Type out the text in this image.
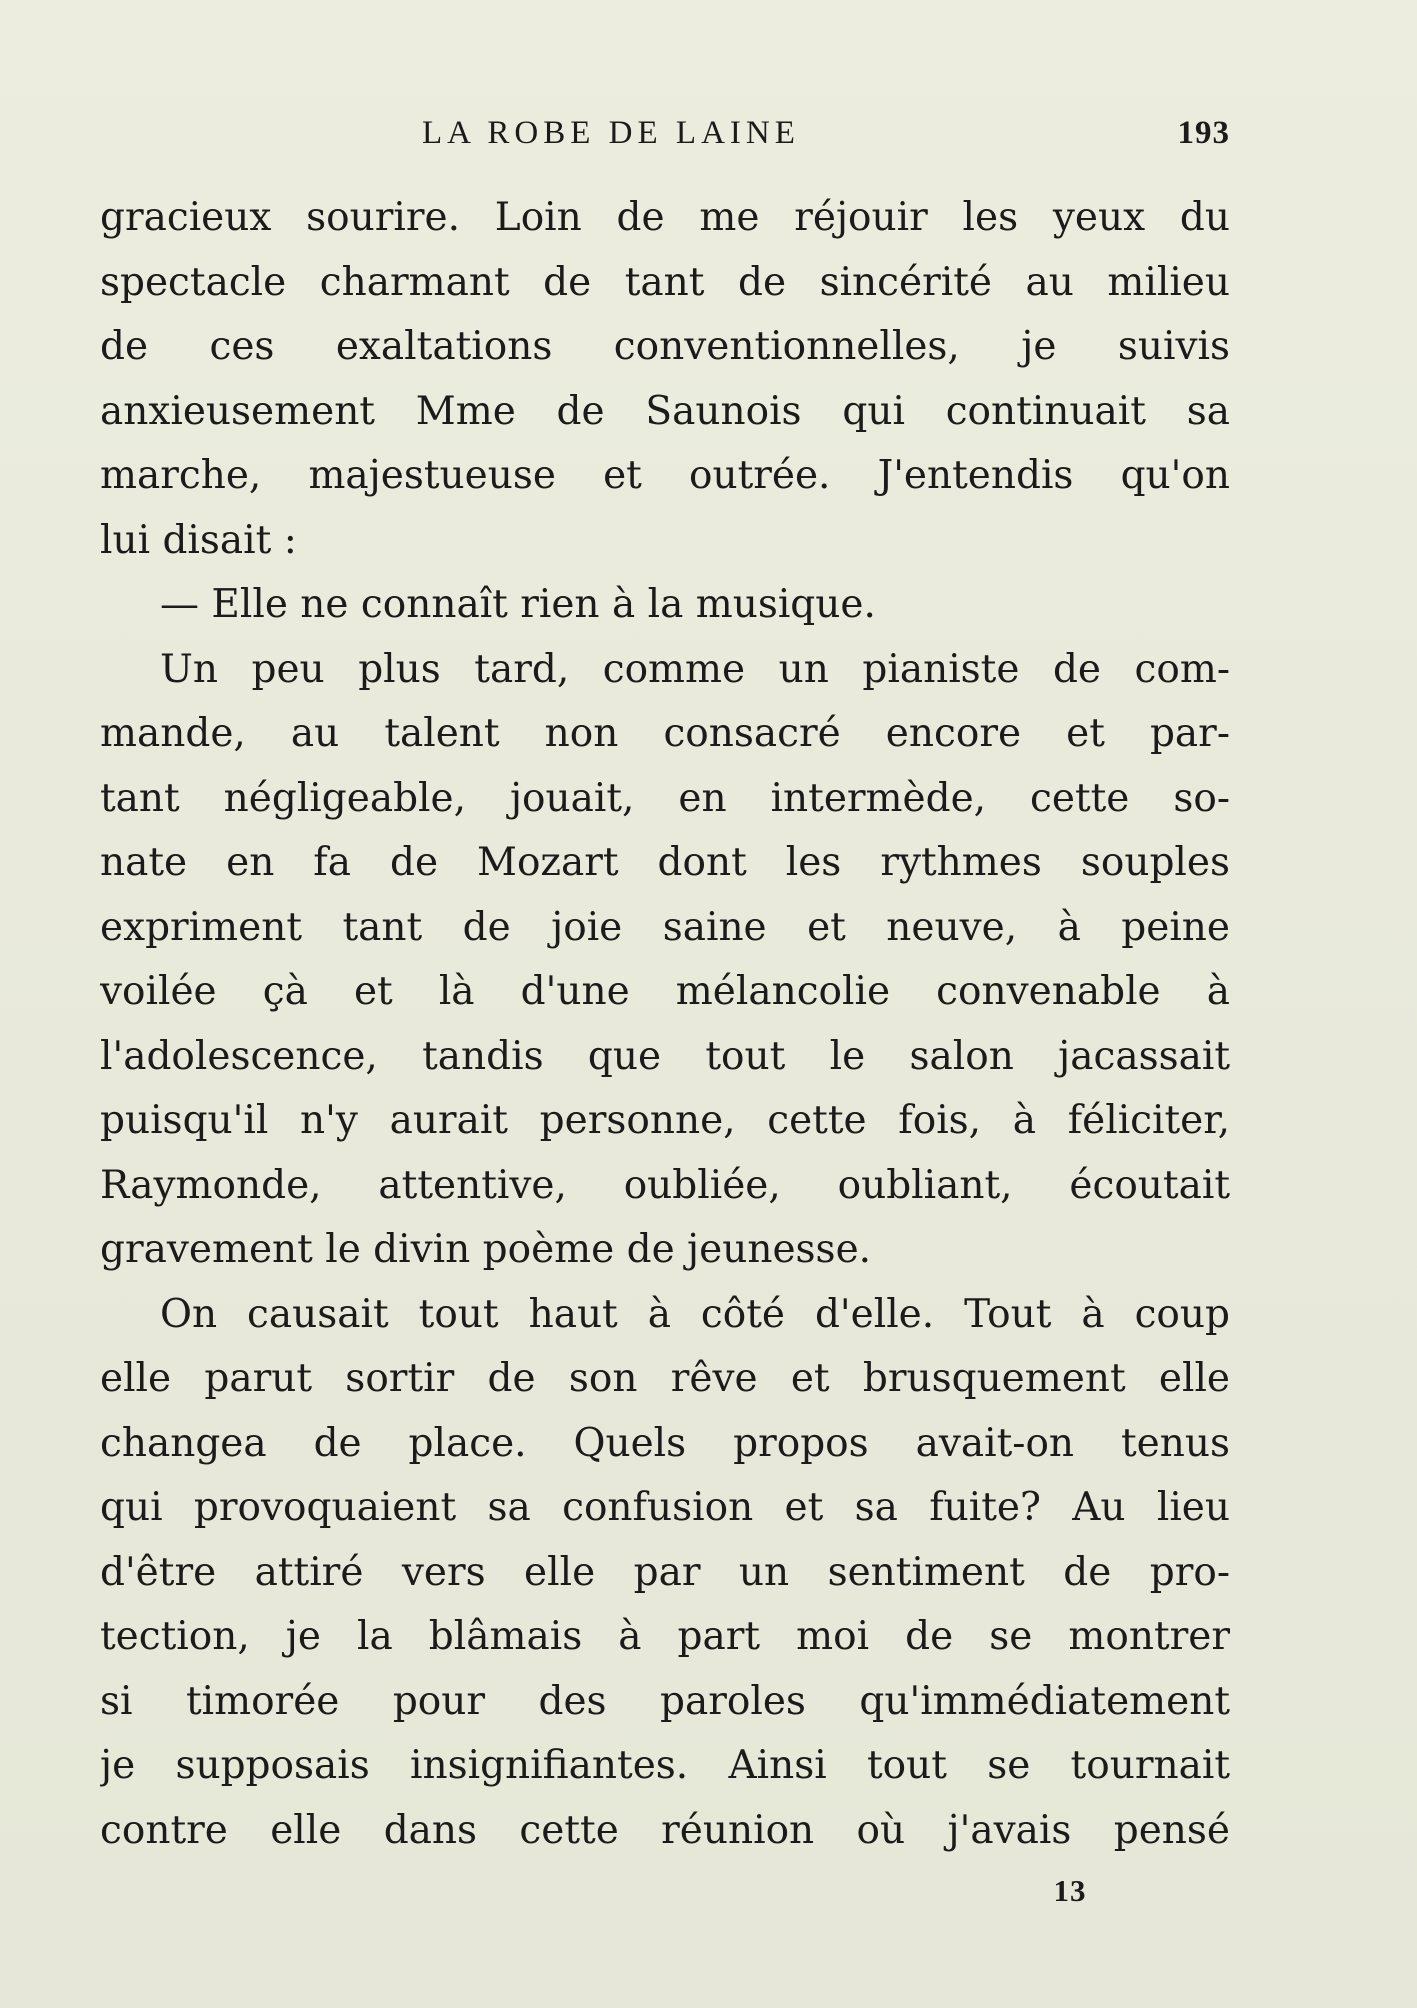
LA ROBE DE LAINE	193
gracieux sourire. Loin de me réjouir les yeux du
spectacle charmant de tant de sincérité au milieu
de ces exaltations conventionnelles, je suivis
anxieusement Mme de Saunois qui continuait sa
marche, majestueuse et outrée. J'entendis qu'on
lui disait :
— Elle ne connaît rien à la musique.
Un peu plus tard, comme un pianiste de com-
mande, au talent non consacré encore et par-
tant négligeable, jouait, en intermède, cette so-
nate en fa de Mozart dont les rythmes souples
expriment tant de joie saine et neuve, à peine
voilée çà et là d'une mélancolie convenable à
l'adolescence, tandis que tout le salon jacassait
puisqu'il n'y aurait personne, cette fois, à féliciter,
Raymonde, attentive, oubliée, oubliant, écoutait
gravement le divin poème de jeunesse.
On causait tout haut à côté d'elle. Tout à coup
elle parut sortir de son rêve et brusquement elle
changea de place. Quels propos avait-on tenus
qui provoquaient sa confusion et sa fuite? Au lieu
d'être attiré vers elle par un sentiment de pro-
tection, je la blâmais à part moi de se montrer
si timorée pour des paroles qu'immédiatement
je supposais insignifiantes. Ainsi tout se tournait
contre elle dans cette réunion où j'avais pensé
13
